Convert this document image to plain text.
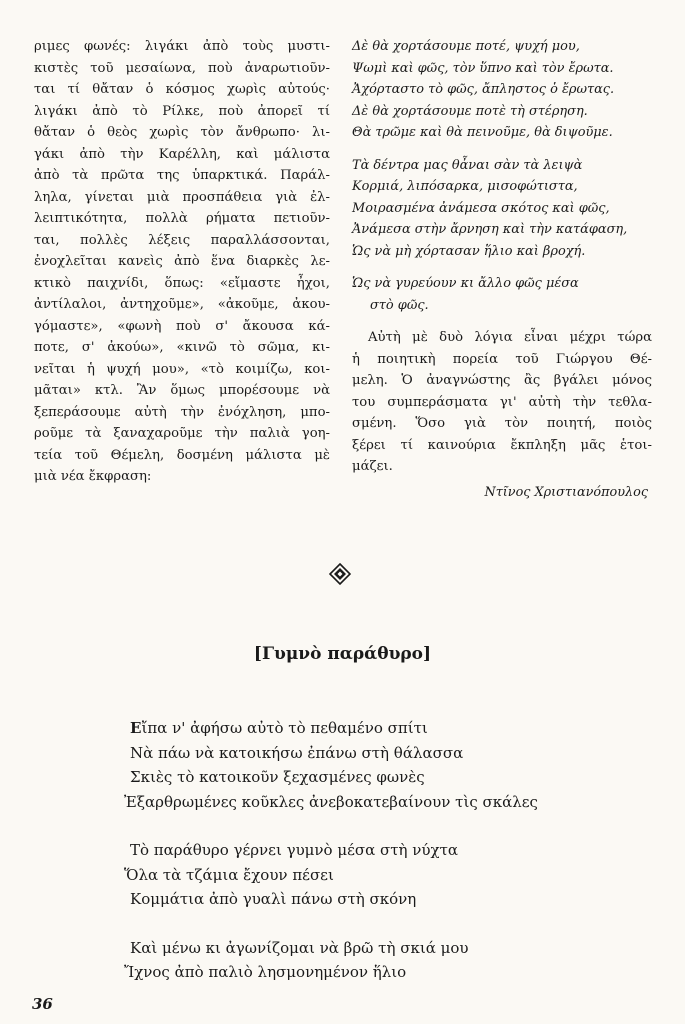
ριμες φωνές: λιγάκι ἀπὸ τοὺς μυστι-
κιστὲς τοῦ μεσαίωνα, ποὺ ἀναρωτιοῦν-
ται τί θἄταν ὁ κόσμος χωρὶς αὐτούς·
λιγάκι ἀπὸ τὸ Ρίλκε, ποὺ ἀπορεῖ τί
θἄταν ὁ θεὸς χωρὶς τὸν ἄνθρωπο· λι-
γάκι ἀπὸ τὴν Καρέλλη, καὶ μάλιστα
ἀπὸ τὰ πρῶτα της ὑπαρκτικά. Παράλ-
ληλα, γίνεται μιὰ προσπάθεια γιὰ ἐλ-
λειπτικότητα, πολλὰ ρήματα πετιοῦν-
ται, πολλὲς λέξεις παραλλάσσονται,
ἐνοχλεῖται κανεὶς ἀπὸ ἕνα διαρκὲς λε-
κτικὸ παιχνίδι, ὅπως: «εἴμαστε ἦχοι,
ἀντίλαλοι, ἀντηχοῦμε», «ἀκοῦμε, ἀκου-
γόμαστε», «φωνὴ ποὺ σ' ἄκουσα κά-
ποτε, σ' ἀκούω», «κινῶ τὸ σῶμα, κι-
νεῖται ἡ ψυχή μου», «τὸ κοιμίζω, κοι-
μᾶται» κτλ. Ἂν ὅμως μπορέσουμε νὰ
ξεπεράσουμε αὐτὴ τὴν ἐνόχληση, μπο-
ροῦμε τὰ ξαναχαροῦμε τὴν παλιὰ γοη-
τεία τοῦ Θέμελη, δοσμένη μάλιστα μὲ
μιὰ νέα ἔκφραση:
Δὲ θὰ χορτάσουμε ποτέ, ψυχή μου,
Ψωμὶ καὶ φῶς, τὸν ὕπνο καὶ τὸν ἔρωτα.
Ἀχόρταστο τὸ φῶς, ἄπληστος ὁ ἔρωτας.
Δὲ θὰ χορτάσουμε ποτὲ τὴ στέρηση.
Θὰ τρῶμε καὶ θὰ πεινοῦμε, θὰ διψοῦμε.
Τὰ δέντρα μας θἆναι σὰν τὰ λειψὰ
Κορμιά, λιπόσαρκα, μισοφώτιστα,
Μοιρασμένα ἀνάμεσα σκότος καὶ φῶς,
Ἀνάμεσα στὴν ἄρνηση καὶ τὴν κατάφαση,
Ὡς νὰ μὴ χόρτασαν ἥλιο καὶ βροχή.
Ὡς νὰ γυρεύουν κι ἄλλο φῶς μέσα
στὸ φῶς.
Αὐτὴ μὲ δυὸ λόγια εἶναι μέχρι τώρα
ἡ ποιητικὴ πορεία τοῦ Γιώργου Θέ-
μελη. Ὁ ἀναγνώστης ἂς βγάλει μόνος
του συμπεράσματα γι' αὐτὴ τὴν τεθλα-
σμένη. Ὅσο γιὰ τὸν ποιητή, ποιὸς
ξέρει τί καινούρια ἔκπληξη μᾶς ἑτοι-
μάζει.
Ντῖνος Χριστιανόπουλος
[Γυμνὸ παράθυρο]
Εἴπα ν' ἀφήσω αὐτὸ τὸ πεθαμένο σπίτι
Νὰ πάω νὰ κατοικήσω ἐπάνω στὴ θάλασσα
Σκιὲς τὸ κατοικοῦν ξεχασμένες φωνὲς
Ἐξαρθρωμένες κοῦκλες ἀνεβοκατεβαίνουν τὶς σκάλες
Τὸ παράθυρο γέρνει γυμνὸ μέσα στὴ νύχτα
Ὅλα τὰ τζάμια ἔχουν πέσει
Κομμάτια ἀπὸ γυαλὶ πάνω στὴ σκόνη
Καὶ μένω κι ἀγωνίζομαι νὰ βρῶ τὴ σκιά μου
Ἴχνος ἀπὸ παλιὸ λησμονημένον ἥλιο
36
